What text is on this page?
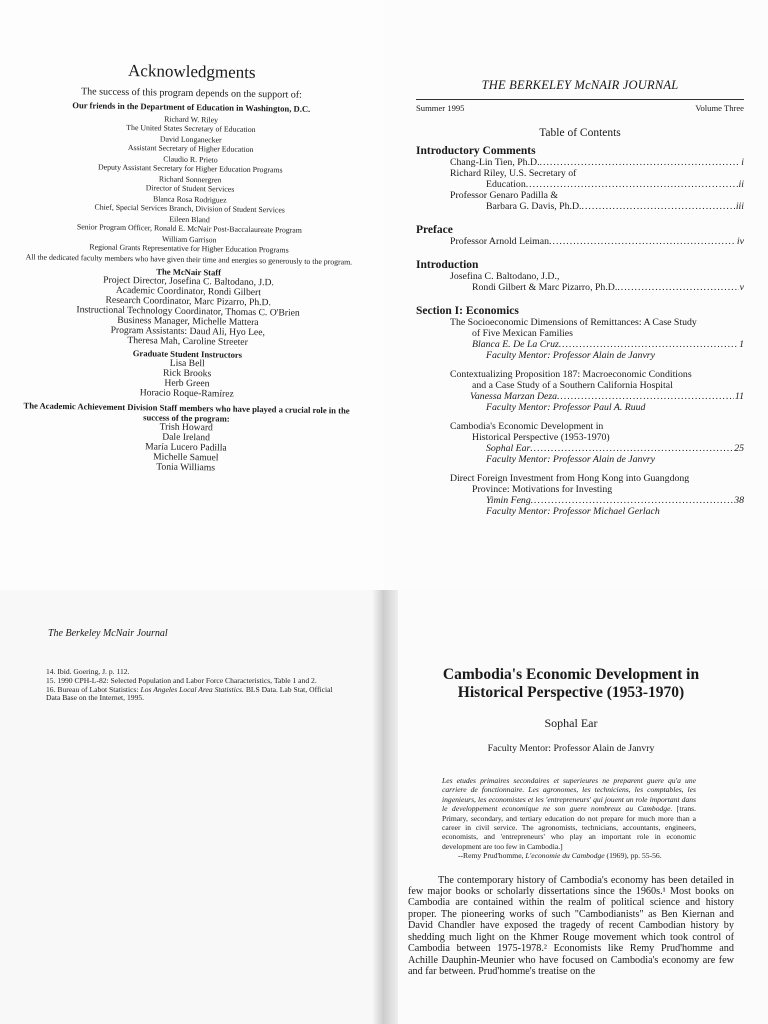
Acknowledgments
The success of this program depends on the support of:
Our friends in the Department of Education in Washington, D.C.
Richard W. Riley
The United States Secretary of Education
David Longanecker
Assistant Secretary of Higher Education
Claudio R. Prieto
Deputy Assistant Secretary for Higher Education Programs
Richard Sonnergren
Director of Student Services
Blanca Rosa Rodriguez
Chief, Special Services Branch, Division of Student Services
Eileen Bland
Senior Program Officer, Ronald E. McNair Post-Baccalaureate Program
William Garrison
Regional Grants Representative for Higher Education Programs
All the dedicated faculty members who have given their time and energies so generously to the program.
The McNair Staff
Project Director, Josefina C. Baltodano, J.D.
Academic Coordinator, Rondi Gilbert
Research Coordinator, Marc Pizarro, Ph.D.
Instructional Technology Coordinator, Thomas C. O'Brien
Business Manager, Michelle Mattera
Program Assistants: Daud Ali, Hyo Lee,
Theresa Mah, Caroline Streeter
Graduate Student Instructors
Lisa Bell
Rick Brooks
Herb Green
Horacio Roque-Ramírez
The Academic Achievement Division Staff members who have played a crucial role in the success of the program:
Trish Howard
Dale Ireland
María Lucero Padilla
Michelle Samuel
Tonia Williams
THE BERKELEY McNAIR JOURNAL
Summer 1995	Volume Three
Table of Contents
Introductory Comments
Chang-Lin Tien, Ph.D. .....	i
Richard Riley, U.S. Secretary of
Education .....	ii
Professor Genaro Padilla &
Barbara G. Davis, Ph.D. .....	iii
Preface
Professor Arnold Leiman .....	iv
Introduction
Josefina C. Baltodano, J.D.,
Rondi Gilbert & Marc Pizarro, Ph.D. .....	v
Section I: Economics
The Socioeconomic Dimensions of Remittances: A Case Study
of Five Mexican Families
Blanca E. De La Cruz .....	1
Faculty Mentor: Professor Alain de Janvry
Contextualizing Proposition 187: Macroeconomic Conditions
and a Case Study of a Southern California Hospital
Vanessa Marzan Deza .....	11
Faculty Mentor: Professor Paul A. Ruud
Cambodia's Economic Development in
Historical Perspective (1953-1970)
Sophal Ear .....	25
Faculty Mentor: Professor Alain de Janvry
Direct Foreign Investment from Hong Kong into Guangdong
Province: Motivations for Investing
Yimin Feng .....	38
Faculty Mentor: Professor Michael Gerlach
The Berkeley McNair Journal
14. Ibid. Goering, J. p. 112.
15. 1990 CPH-L-82: Selected Population and Labor Force Characteristics, Table 1 and 2.
16. Bureau of Labot Statistics: Los Angeles Local Area Statistics. BLS Data. Lab Stat, Official Data Base on the Internet, 1995.
Cambodia's Economic Development in
Historical Perspective (1953-1970)
Sophal Ear
Faculty Mentor: Professor Alain de Janvry
Les etudes primaires secondaires et superieures ne preparent guere qu'a une carriere de fonctionnaire. Les agronomes, les techniciens, les comptables, les ingenieurs, les economistes et les 'entrepreneurs' qui jouent un role important dans le developpement economique ne son guere nombreux au Cambodge. [trans. Primary, secondary, and tertiary education do not prepare for much more than a career in civil service. The agronomists, technicians, accountants, engineers, economists, and 'entrepreneurs' who play an important role in economic development are too few in Cambodia.]
--Remy Prud'homme, L'economie du Cambodge (1969), pp. 55-56.
The contemporary history of Cambodia's economy has been detailed in few major books or scholarly dissertations since the 1960s.¹ Most books on Cambodia are contained within the realm of political science and history proper. The pioneering works of such "Cambodianists" as Ben Kiernan and David Chandler have exposed the tragedy of recent Cambodian history by shedding much light on the Khmer Rouge movement which took control of Cambodia between 1975-1978.² Economists like Remy Prud'homme and Achille Dauphin-Meunier who have focused on Cambodia's economy are few and far between. Prud'homme's treatise on the
